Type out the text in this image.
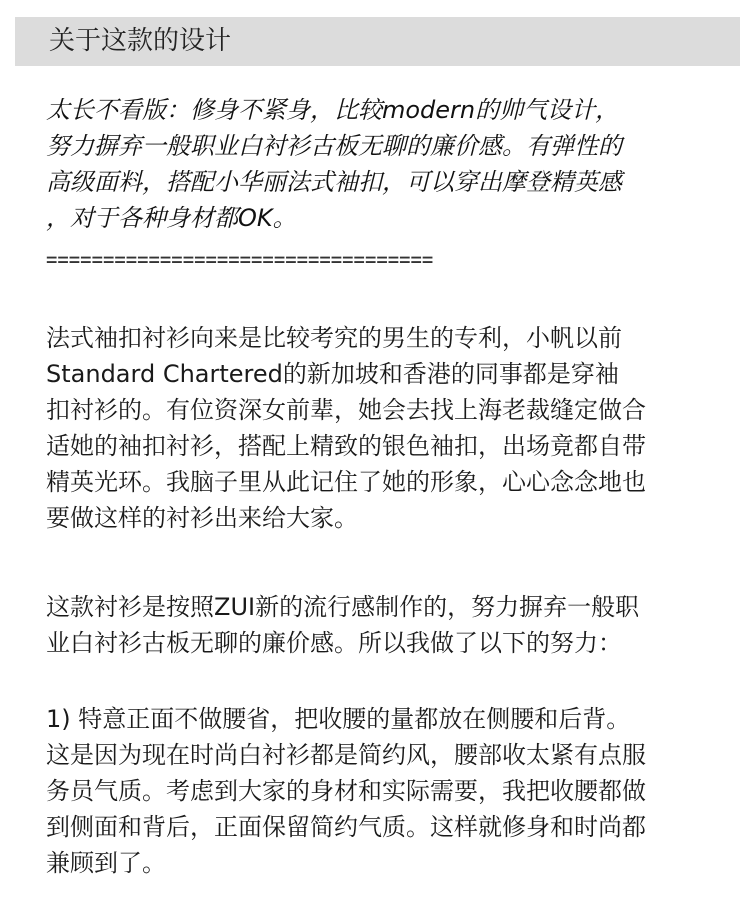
关于这款的设计
太长不看版：修身不紧身，比较modern的帅气设计，
努力摒弃一般职业白衬衫古板无聊的廉价感。有弹性的
高级面料，搭配小华丽法式袖扣，可以穿出摩登精英感
，对于各种身材都OK。
==================================
法式袖扣衬衫向来是比较考究的男生的专利，小帆以前
Standard Chartered的新加坡和香港的同事都是穿袖
扣衬衫的。有位资深女前辈，她会去找上海老裁缝定做合
适她的袖扣衬衫，搭配上精致的银色袖扣，出场竟都自带
精英光环。我脑子里从此记住了她的形象，心心念念地也
要做这样的衬衫出来给大家。
这款衬衫是按照ZUI新的流行感制作的，努力摒弃一般职
业白衬衫古板无聊的廉价感。所以我做了以下的努力：
1) 特意正面不做腰省，把收腰的量都放在侧腰和后背。
这是因为现在时尚白衬衫都是简约风，腰部收太紧有点服
务员气质。考虑到大家的身材和实际需要，我把收腰都做
到侧面和背后，正面保留简约气质。这样就修身和时尚都
兼顾到了。
